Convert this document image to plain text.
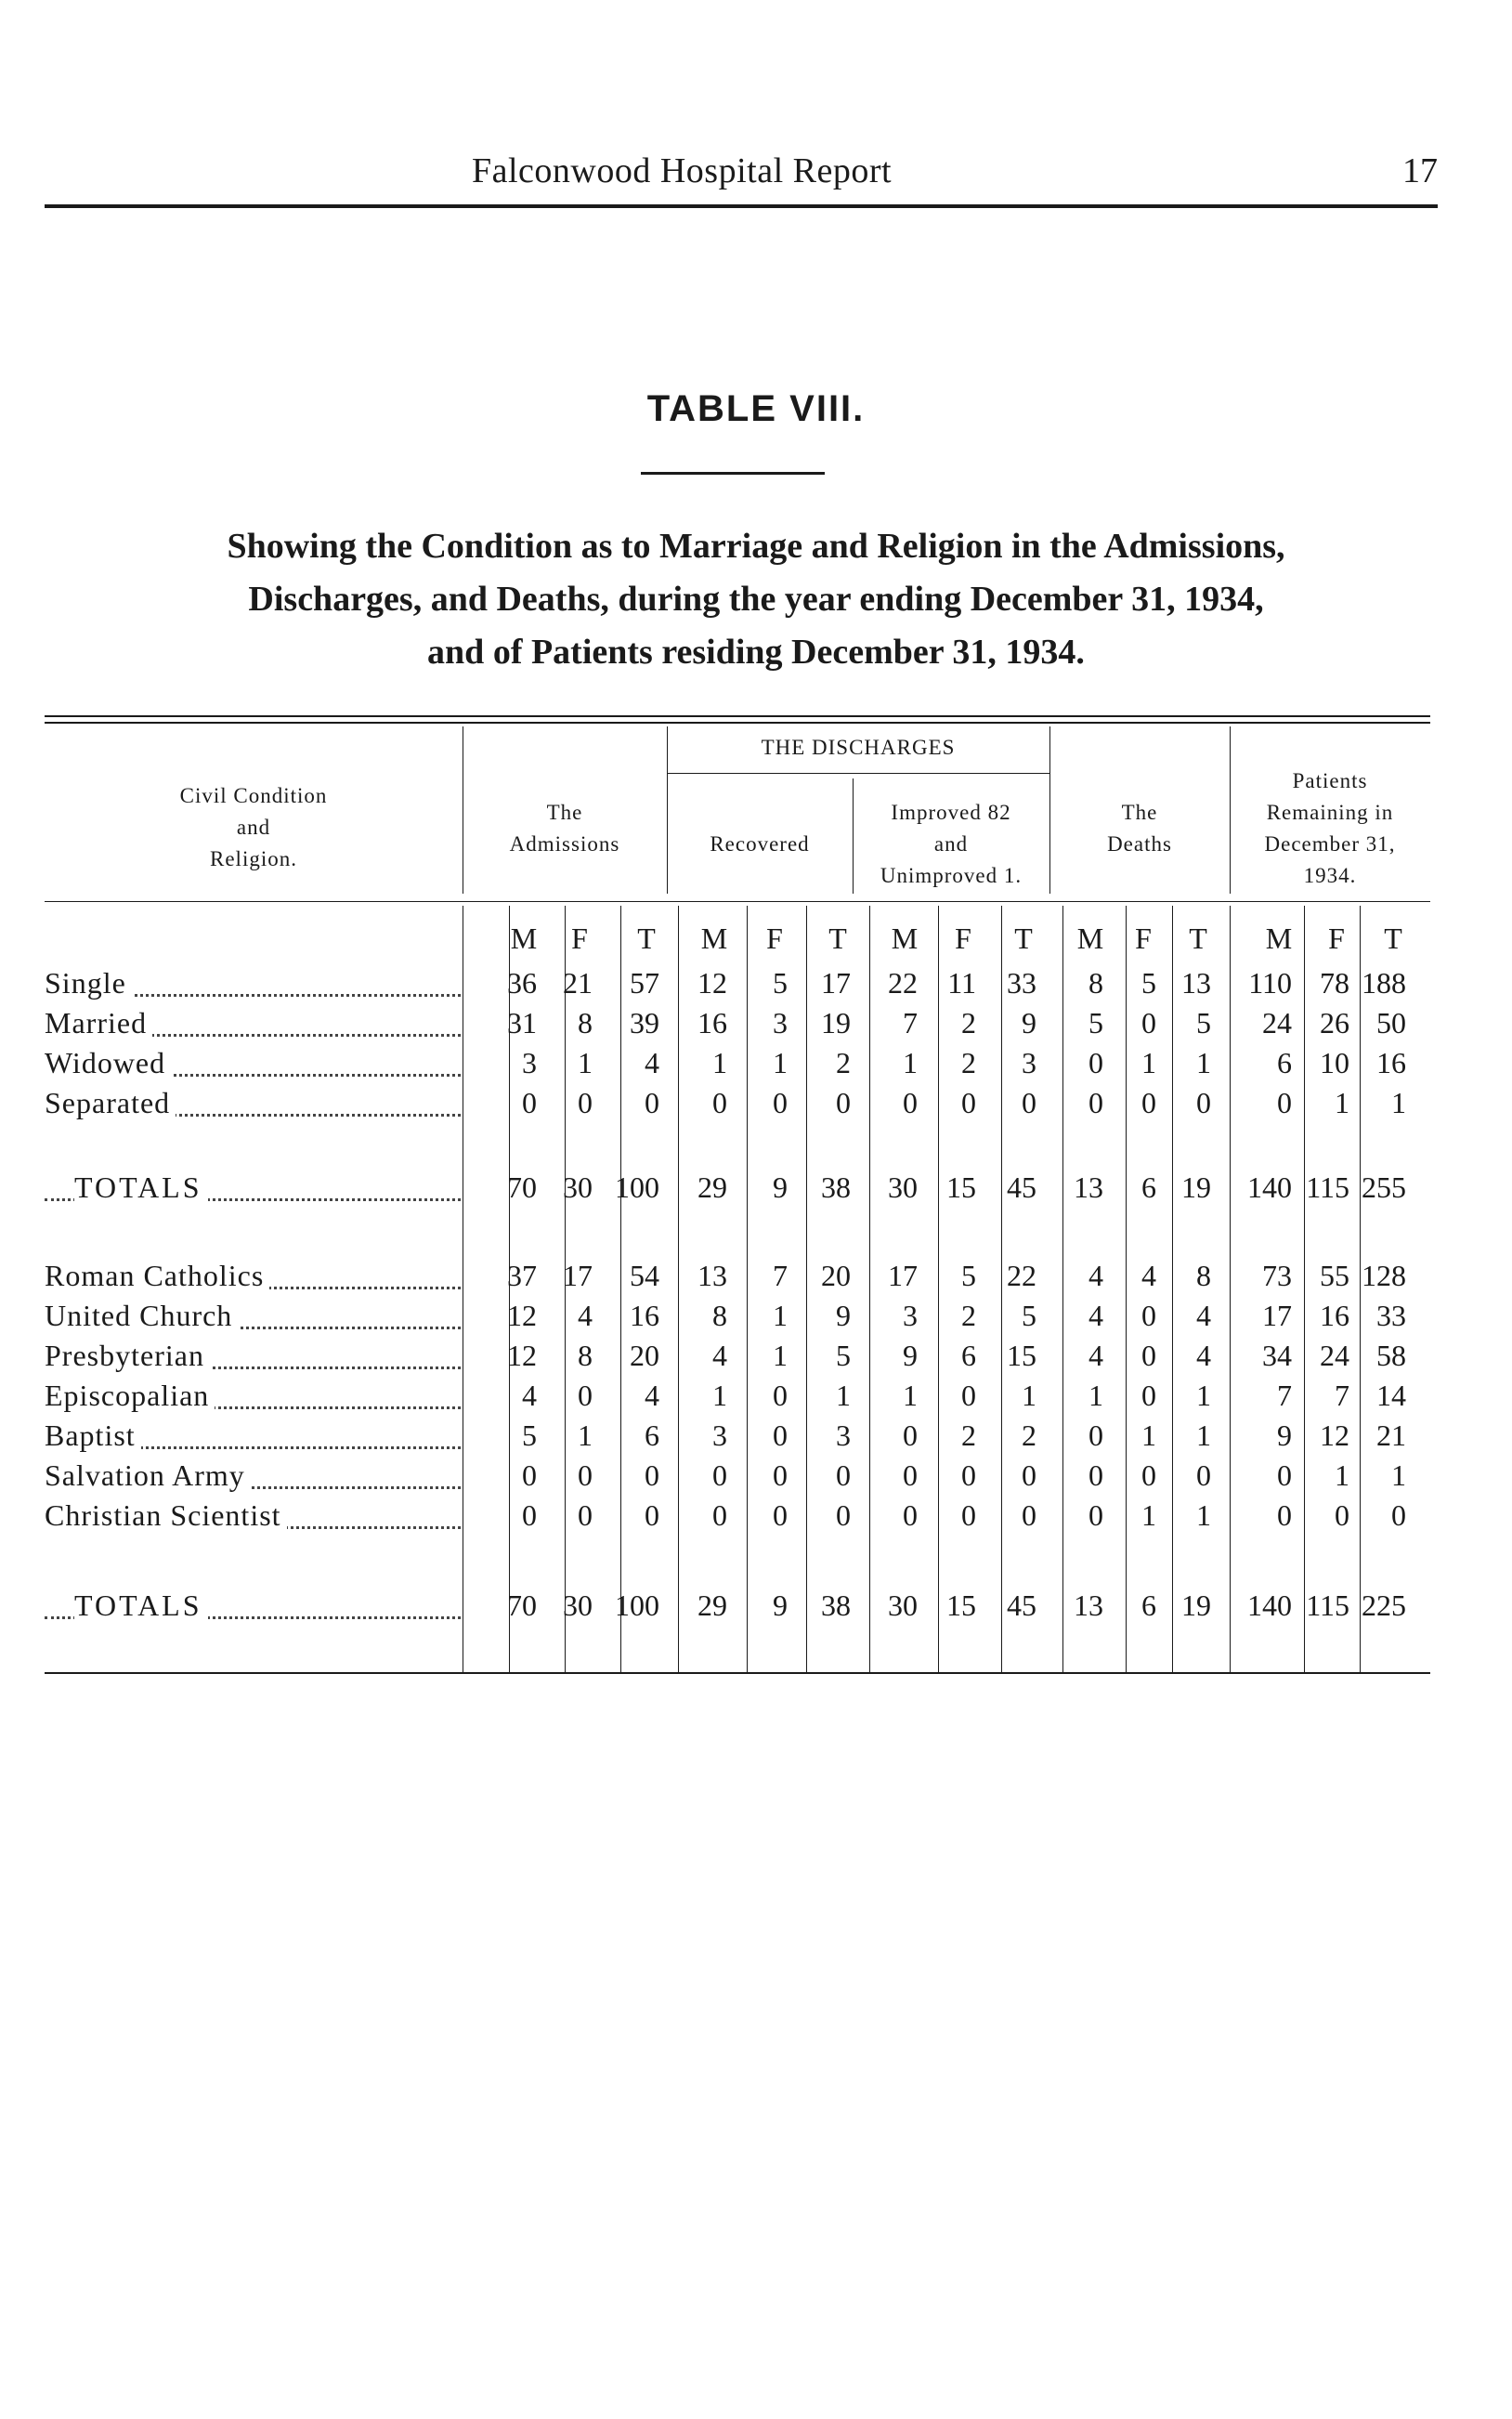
Falconwood Hospital Report	17
TABLE VIII.
Showing the Condition as to Marriage and Religion in the Admissions,
Discharges, and Deaths, during the year ending December 31, 1934,
and of Patients residing December 31, 1934.
Civil Condition
and
Religion.
The
Admissions
THE DISCHARGES
Recovered
Improved 82
and
Unimproved 1.
The
Deaths
Patients
Remaining in
December 31,
1934.
M	F	T	M	F	T	M	F	T	M	F	T	M	F	T
Single	36 21 57 12 5 17 22 11 33 8 5 13 110 78 188
Married	31 8 39 16 3 19 7 2 9 5 0 5 24 26 50
Widowed	3 1 4 1 1 2 1 2 3 0 1 1 6 10 16
Separated	0 0 0 0 0 0 0 0 0 0 0 0 0 1 1
TOTALS	70 30 100 29 9 38 30 15 45 13 6 19 140 115 255
Roman Catholics	37 17 54 13 7 20 17 5 22 4 4 8 73 55 128
United Church	12 4 16 8 1 9 3 2 5 4 0 4 17 16 33
Presbyterian	12 8 20 4 1 5 9 6 15 4 0 4 34 24 58
Episcopalian	4 0 4 1 0 1 1 0 1 1 0 1 7 7 14
Baptist	5 1 6 3 0 3 0 2 2 0 1 1 9 12 21
Salvation Army	0 0 0 0 0 0 0 0 0 0 0 0 0 1 1
Christian Scientist	0 0 0 0 0 0 0 0 0 0 1 1 0 0 0
TOTALS	70 30 100 29 9 38 30 15 45 13 6 19 140 115 225
